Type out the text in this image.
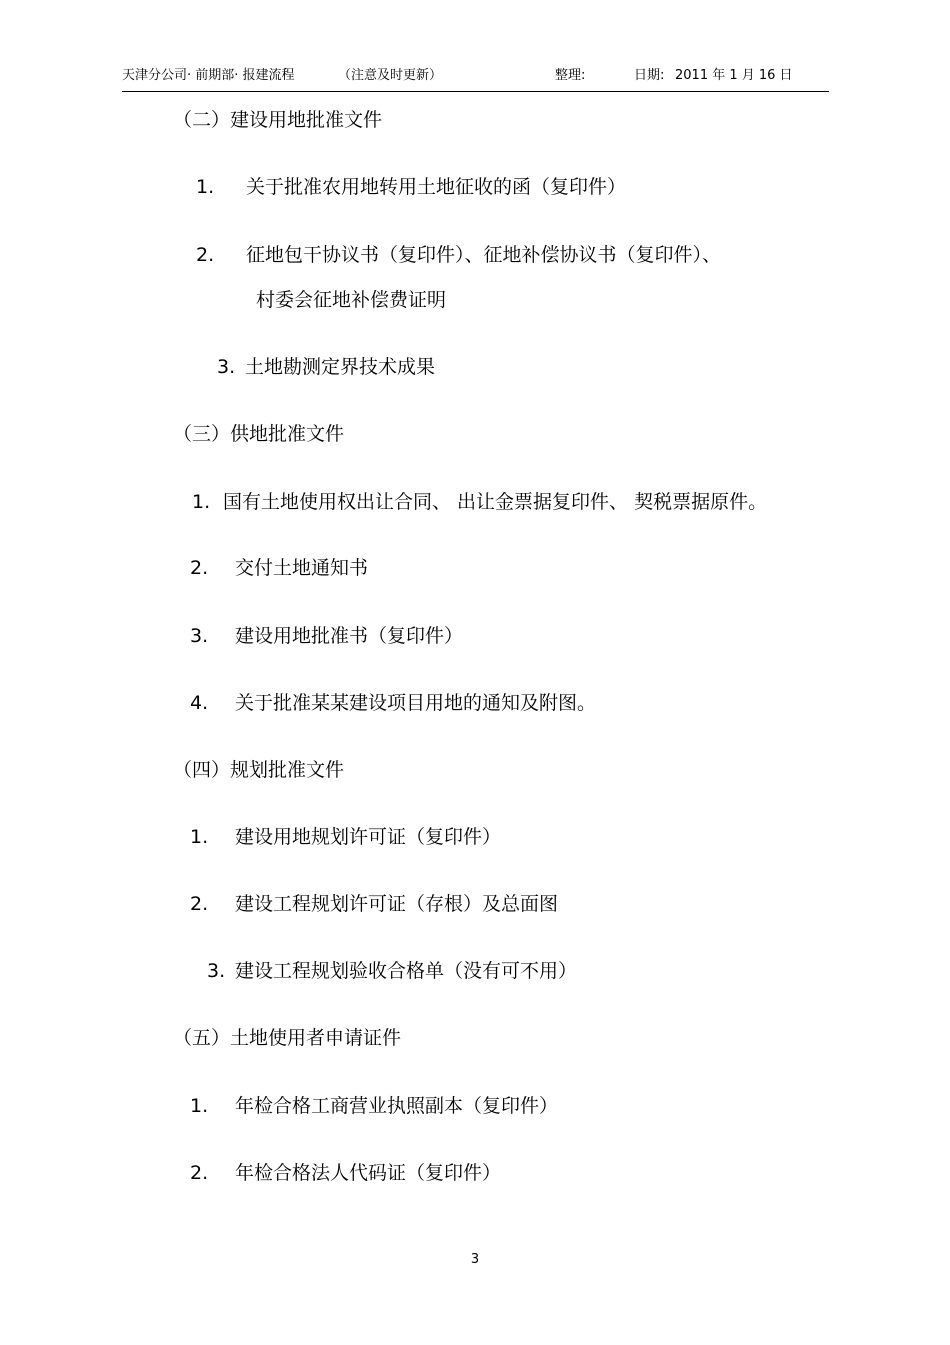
天津分公司· 前期部· 报建流程	（注意及时更新）	整理:	日期: 2011 年 1 月 16 日
（二）建设用地批准文件
1. 关于批准农用地转用土地征收的函（复印件）
2. 征地包干协议书（复印件）、征地补偿协议书（复印件）、
村委会征地补偿费证明
3. 土地勘测定界技术成果
（三）供地批准文件
1. 国有土地使用权出让合同、 出让金票据复印件、 契税票据原件。
2. 交付土地通知书
3. 建设用地批准书（复印件）
4. 关于批准某某建设项目用地的通知及附图。
（四）规划批准文件
1. 建设用地规划许可证（复印件）
2. 建设工程规划许可证（存根）及总面图
3. 建设工程规划验收合格单（没有可不用）
（五）土地使用者申请证件
1. 年检合格工商营业执照副本（复印件）
2. 年检合格法人代码证（复印件）
3
